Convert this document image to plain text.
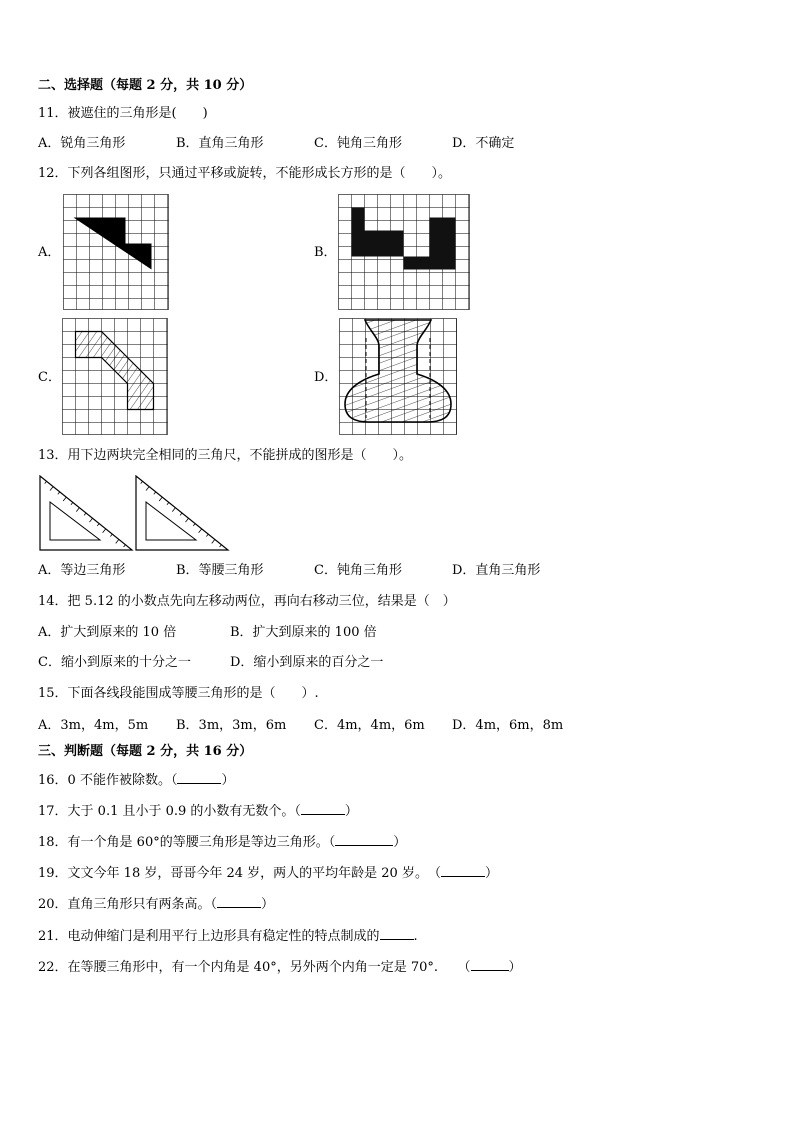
二、选择题（每题 2 分，共 10 分）
11．被遮住的三角形是(　　)
A．锐角三角形	B．直角三角形	C．钝角三角形	D．不确定
12．下列各组图形，只通过平移或旋转，不能形成长方形的是（　　）。
A．	B．
C．	D．
13．用下边两块完全相同的三角尺，不能拼成的图形是（　　）。
A．等边三角形	B．等腰三角形	C．钝角三角形	D．直角三角形
14．把 5.12 的小数点先向左移动两位，再向右移动三位，结果是（　）
A．扩大到原来的 10 倍	B．扩大到原来的 100 倍
C．缩小到原来的十分之一	D．缩小到原来的百分之一
15．下面各线段能围成等腰三角形的是（　　）.
A．3m，4m，5m B．3m，3m，6m C．4m，4m，6m D．4m，6m，8m
三、判断题（每题 2 分，共 16 分）
16．0 不能作被除数。（	）
17．大于 0.1 且小于 0.9 的小数有无数个。（	）
18．有一个角是 60°的等腰三角形是等边三角形。（	）
19．文文今年 18 岁，哥哥今年 24 岁，两人的平均年龄是 20 岁。　（	）
20．直角三角形只有两条高。（	）
21．电动伸缩门是利用平行上边形具有稳定性的特点制成的	.
22．在等腰三角形中，有一个内角是 40°，另外两个内角一定是 70°.　　（	）
